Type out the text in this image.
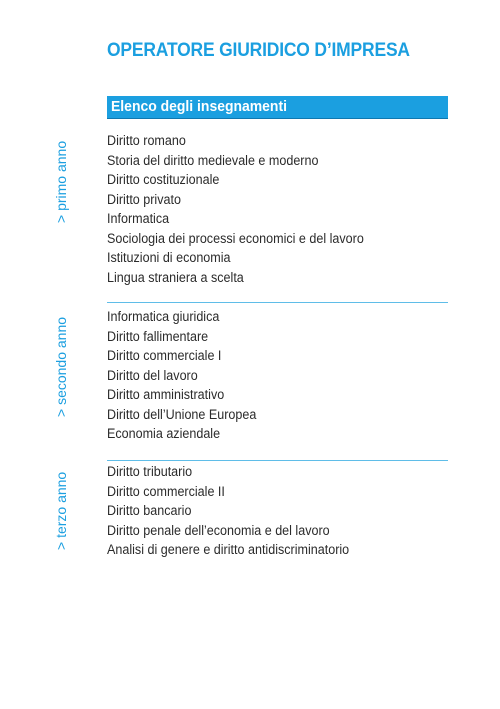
OPERATORE GIURIDICO D’IMPRESA
Elenco degli insegnamenti
> primo anno
Diritto romano
Storia del diritto medievale e moderno
Diritto costituzionale
Diritto privato
Informatica
Sociologia dei processi economici e del lavoro
Istituzioni di economia
Lingua straniera a scelta
> secondo anno
Informatica giuridica
Diritto fallimentare
Diritto commerciale I
Diritto del lavoro
Diritto amministrativo
Diritto dell’Unione Europea
Economia aziendale
> terzo anno
Diritto tributario
Diritto commerciale II
Diritto bancario
Diritto penale dell’economia e del lavoro
Analisi di genere e diritto antidiscriminatorio
